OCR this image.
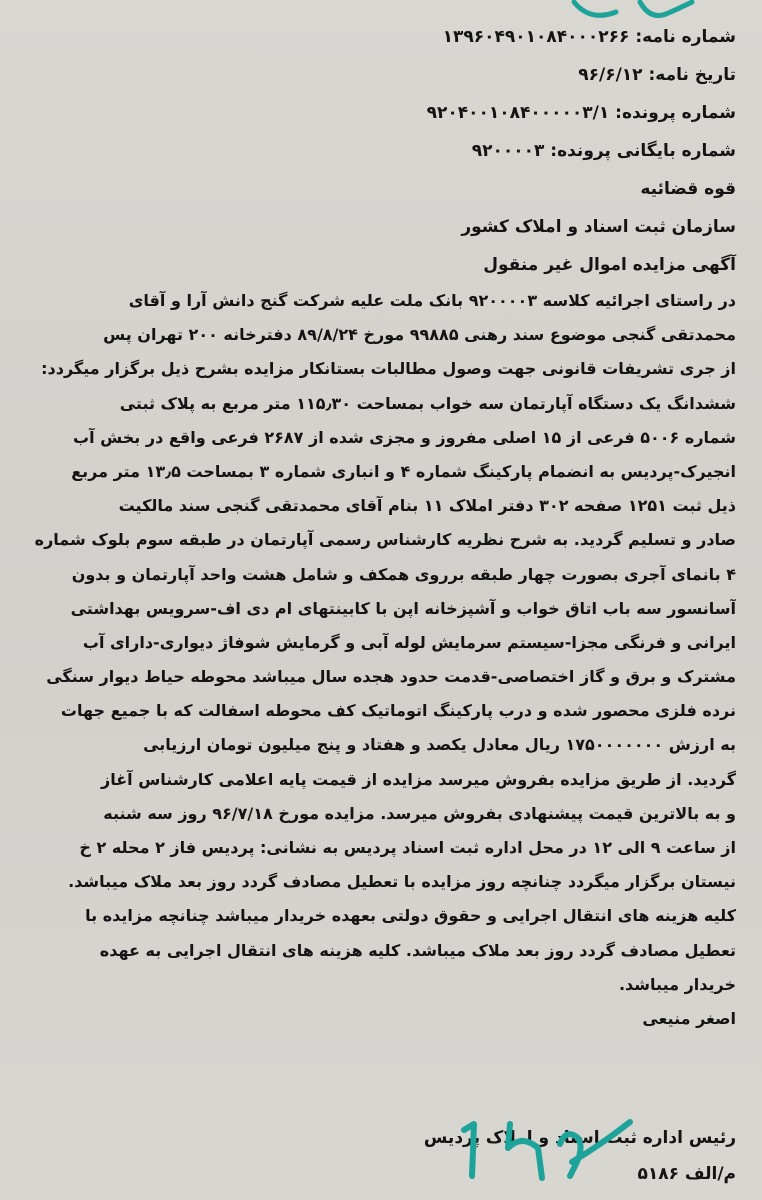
شماره نامه: ۱۳۹۶۰۴۹۰۱۰۸۴۰۰۰۲۶۶
تاریخ نامه: ۹۶/۶/۱۲
شماره پرونده: ۹۲۰۴۰۰۱۰۸۴۰۰۰۰۰۳/۱
شماره بایگانی پرونده: ۹۲۰۰۰۰۳
قوه قضائیه
سازمان ثبت اسناد و املاک کشور
آگهی مزایده اموال غیر منقول
در راستای اجرائیه کلاسه ۹۲۰۰۰۰۳ بانک ملت علیه شرکت گنج دانش آرا و آقای
محمدتقی گنجی موضوع سند رهنی ۹۹۸۸۵ مورخ ۸۹/۸/۲۴ دفترخانه ۲۰۰ تهران پس
از جری تشریفات قانونی جهت وصول مطالبات بستانکار مزایده بشرح ذیل برگزار میگردد:
ششدانگ یک دستگاه آپارتمان سه خواب بمساحت ۱۱۵٫۳۰ متر مربع به پلاک ثبتی
شماره ۵۰۰۶ فرعی از ۱۵ اصلی مفروز و مجزی شده از ۲۶۸۷ فرعی واقع در بخش آب
انجیرک-پردیس به انضمام پارکینگ شماره ۴ و انباری شماره ۳ بمساحت ۱۳٫۵ متر مربع
ذیل ثبت ۱۲۵۱ صفحه ۳۰۲ دفتر املاک ۱۱ بنام آقای محمدتقی گنجی سند مالکیت
صادر و تسلیم گردید. به شرح نظریه کارشناس رسمی آپارتمان در طبقه سوم بلوک شماره
۴ بانمای آجری بصورت چهار طبقه برروی همکف و شامل هشت واحد آپارتمان و بدون
آسانسور سه باب اتاق خواب و آشپزخانه اپن با کابینتهای ام دی اف-سرویس بهداشتی
ایرانی و فرنگی مجزا-سیستم سرمایش لوله آبی و گرمایش شوفاژ دیواری-دارای آب
مشترک و برق و گاز اختصاصی-قدمت حدود هجده سال میباشد محوطه حیاط دیوار سنگی
نرده فلزی محصور شده و درب پارکینگ اتوماتیک کف محوطه اسفالت که با جمیع جهات
به ارزش ۱۷۵۰۰۰۰۰۰۰ ریال معادل یکصد و هفتاد و پنج میلیون تومان ارزیابی
گردید. از طریق مزایده بفروش میرسد مزایده از قیمت پایه اعلامی کارشناس آغاز
و به بالاترین قیمت پیشنهادی بفروش میرسد. مزایده مورخ ۹۶/۷/۱۸ روز سه شنبه
از ساعت ۹ الی ۱۲ در محل اداره ثبت اسناد پردیس به نشانی: پردیس فاز ۲ محله ۲ خ
نیستان برگزار میگردد چنانچه روز مزایده با تعطیل مصادف گردد روز بعد ملاک میباشد.
کلیه هزینه های انتقال اجرایی و حقوق دولتی بعهده خریدار میباشد چنانچه مزایده با
تعطیل مصادف گردد روز بعد ملاک میباشد. کلیه هزینه های انتقال اجرایی به عهده
خریدار میباشد.
اصغر منیعی
رئیس اداره ثبت اسناد و املاک پردیس
م/الف ۵۱۸۶
